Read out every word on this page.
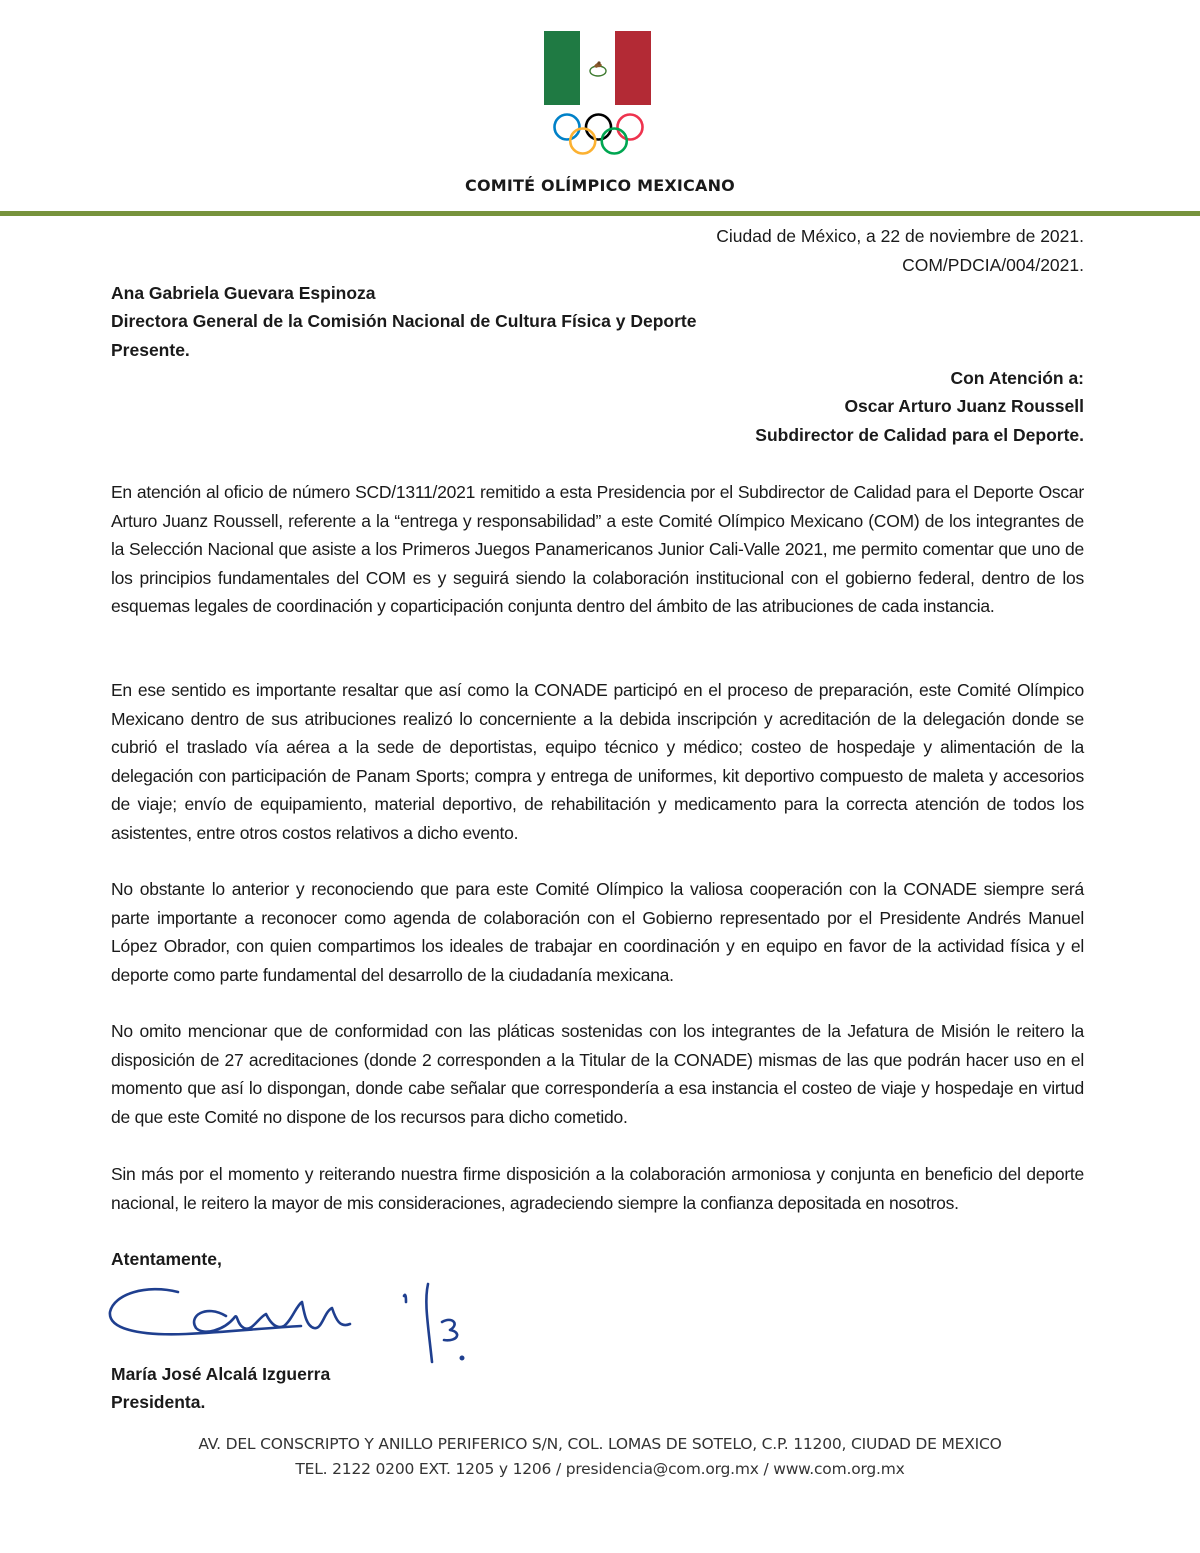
COMITÉ OLÍMPICO MEXICANO
Ciudad de México, a 22 de noviembre de 2021.
COM/PDCIA/004/2021.
Ana Gabriela Guevara Espinoza
Directora General de la Comisión Nacional de Cultura Física y Deporte
Presente.
Con Atención a:
Oscar Arturo Juanz Roussell
Subdirector de Calidad para el Deporte.
En atención al oficio de número SCD/1311/2021 remitido a esta Presidencia por el Subdirector de Calidad para el Deporte Oscar Arturo Juanz Roussell, referente a la “entrega y responsabilidad” a este Comité Olímpico Mexicano (COM) de los integrantes de la Selección Nacional que asiste a los Primeros Juegos Panamericanos Junior Cali-Valle 2021, me permito comentar que uno de los principios fundamentales del COM es y seguirá siendo la colaboración institucional con el gobierno federal, dentro de los esquemas legales de coordinación y coparticipación conjunta dentro del ámbito de las atribuciones de cada instancia.
En ese sentido es importante resaltar que así como la CONADE participó en el proceso de preparación, este Comité Olímpico Mexicano dentro de sus atribuciones realizó lo concerniente a la debida inscripción y acreditación de la delegación donde se cubrió el traslado vía aérea a la sede de deportistas, equipo técnico y médico; costeo de hospedaje y alimentación de la delegación con participación de Panam Sports; compra y entrega de uniformes, kit deportivo compuesto de maleta y accesorios de viaje; envío de equipamiento, material deportivo, de rehabilitación y medicamento para la correcta atención de todos los asistentes, entre otros costos relativos a dicho evento.
No obstante lo anterior y reconociendo que para este Comité Olímpico la valiosa cooperación con la CONADE siempre será parte importante a reconocer como agenda de colaboración con el Gobierno representado por el Presidente Andrés Manuel López Obrador, con quien compartimos los ideales de trabajar en coordinación y en equipo en favor de la actividad física y el deporte como parte fundamental del desarrollo de la ciudadanía mexicana.
No omito mencionar que de conformidad con las pláticas sostenidas con los integrantes de la Jefatura de Misión le reitero la disposición de 27 acreditaciones (donde 2 corresponden a la Titular de la CONADE) mismas de las que podrán hacer uso en el momento que así lo dispongan, donde cabe señalar que correspondería a esa instancia el costeo de viaje y hospedaje en virtud de que este Comité no dispone de los recursos para dicho cometido.
Sin más por el momento y reiterando nuestra firme disposición a la colaboración armoniosa y conjunta en beneficio del deporte nacional, le reitero la mayor de mis consideraciones, agradeciendo siempre la confianza depositada en nosotros.
Atentamente,
María José Alcalá Izguerra
Presidenta.
AV. DEL CONSCRIPTO Y ANILLO PERIFERICO S/N, COL. LOMAS DE SOTELO, C.P. 11200, CIUDAD DE MEXICO
TEL. 2122 0200 EXT. 1205 y 1206 / presidencia@com.org.mx / www.com.org.mx
